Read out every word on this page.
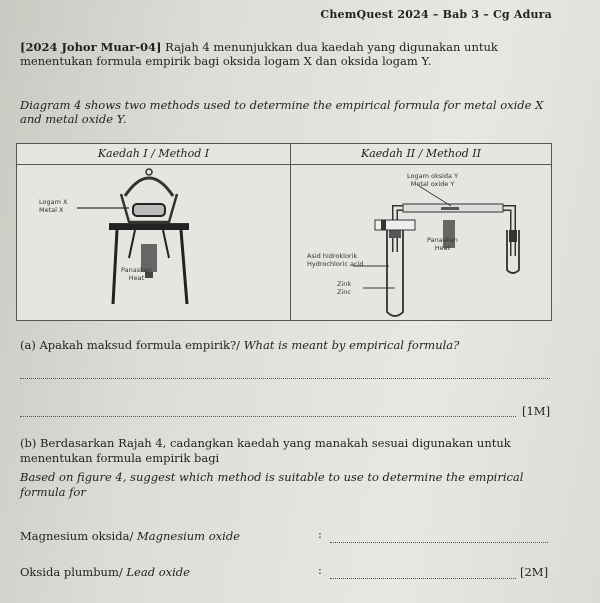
ChemQuest 2024 – Bab 3 – Cg Adura
[2024 Johor Muar-04] Rajah 4 menunjukkan dua kaedah yang digunakan untuk menentukan formula empirik bagi oksida logam X dan oksida logam Y.
Diagram 4 shows two methods used to determine the empirical formula for metal oxide X and metal oxide Y.
Kaedah I / Method I	Kaedah II / Method II
Logam X
Metal X
Panaskan
Heat
Logam oksida Y
Metal oxide Y
Panaskan
Heat
Asid hidroklorik
Hydrochloric acid
Zink
Zinc
(a) Apakah maksud formula empirik?/ What is meant by empirical formula?
[1M]
(b) Berdasarkan Rajah 4, cadangkan kaedah yang manakah sesuai digunakan untuk menentukan formula empirik bagi
Based on figure 4, suggest which method is suitable to use to determine the empirical formula for
Magnesium oksida/ Magnesium oxide	:
Oksida plumbum/ Lead oxide	:	[2M]
